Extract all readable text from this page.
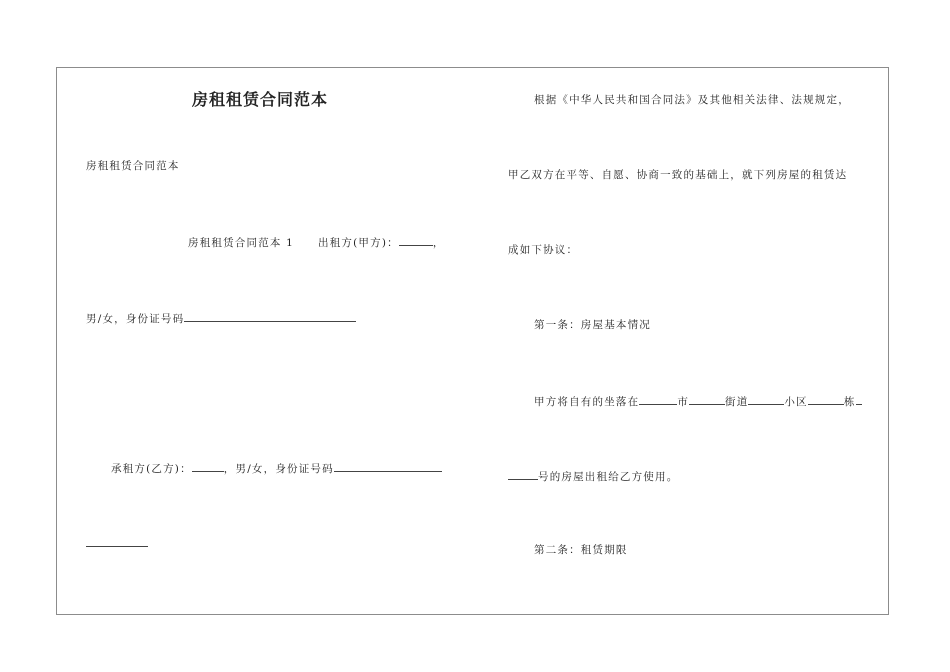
房租租赁合同范本
房租租赁合同范本
房租租赁合同范本 1 出租方(甲方)：	，
男/女，身份证号码
承租方(乙方)：	，男/女，身份证号码
根据《中华人民共和国合同法》及其他相关法律、法规规定，
甲乙双方在平等、自愿、协商一致的基础上，就下列房屋的租赁达
成如下协议：
第一条：房屋基本情况
甲方将自有的坐落在	市	街道	小区	栋
号的房屋出租给乙方使用。
第二条：租赁期限
